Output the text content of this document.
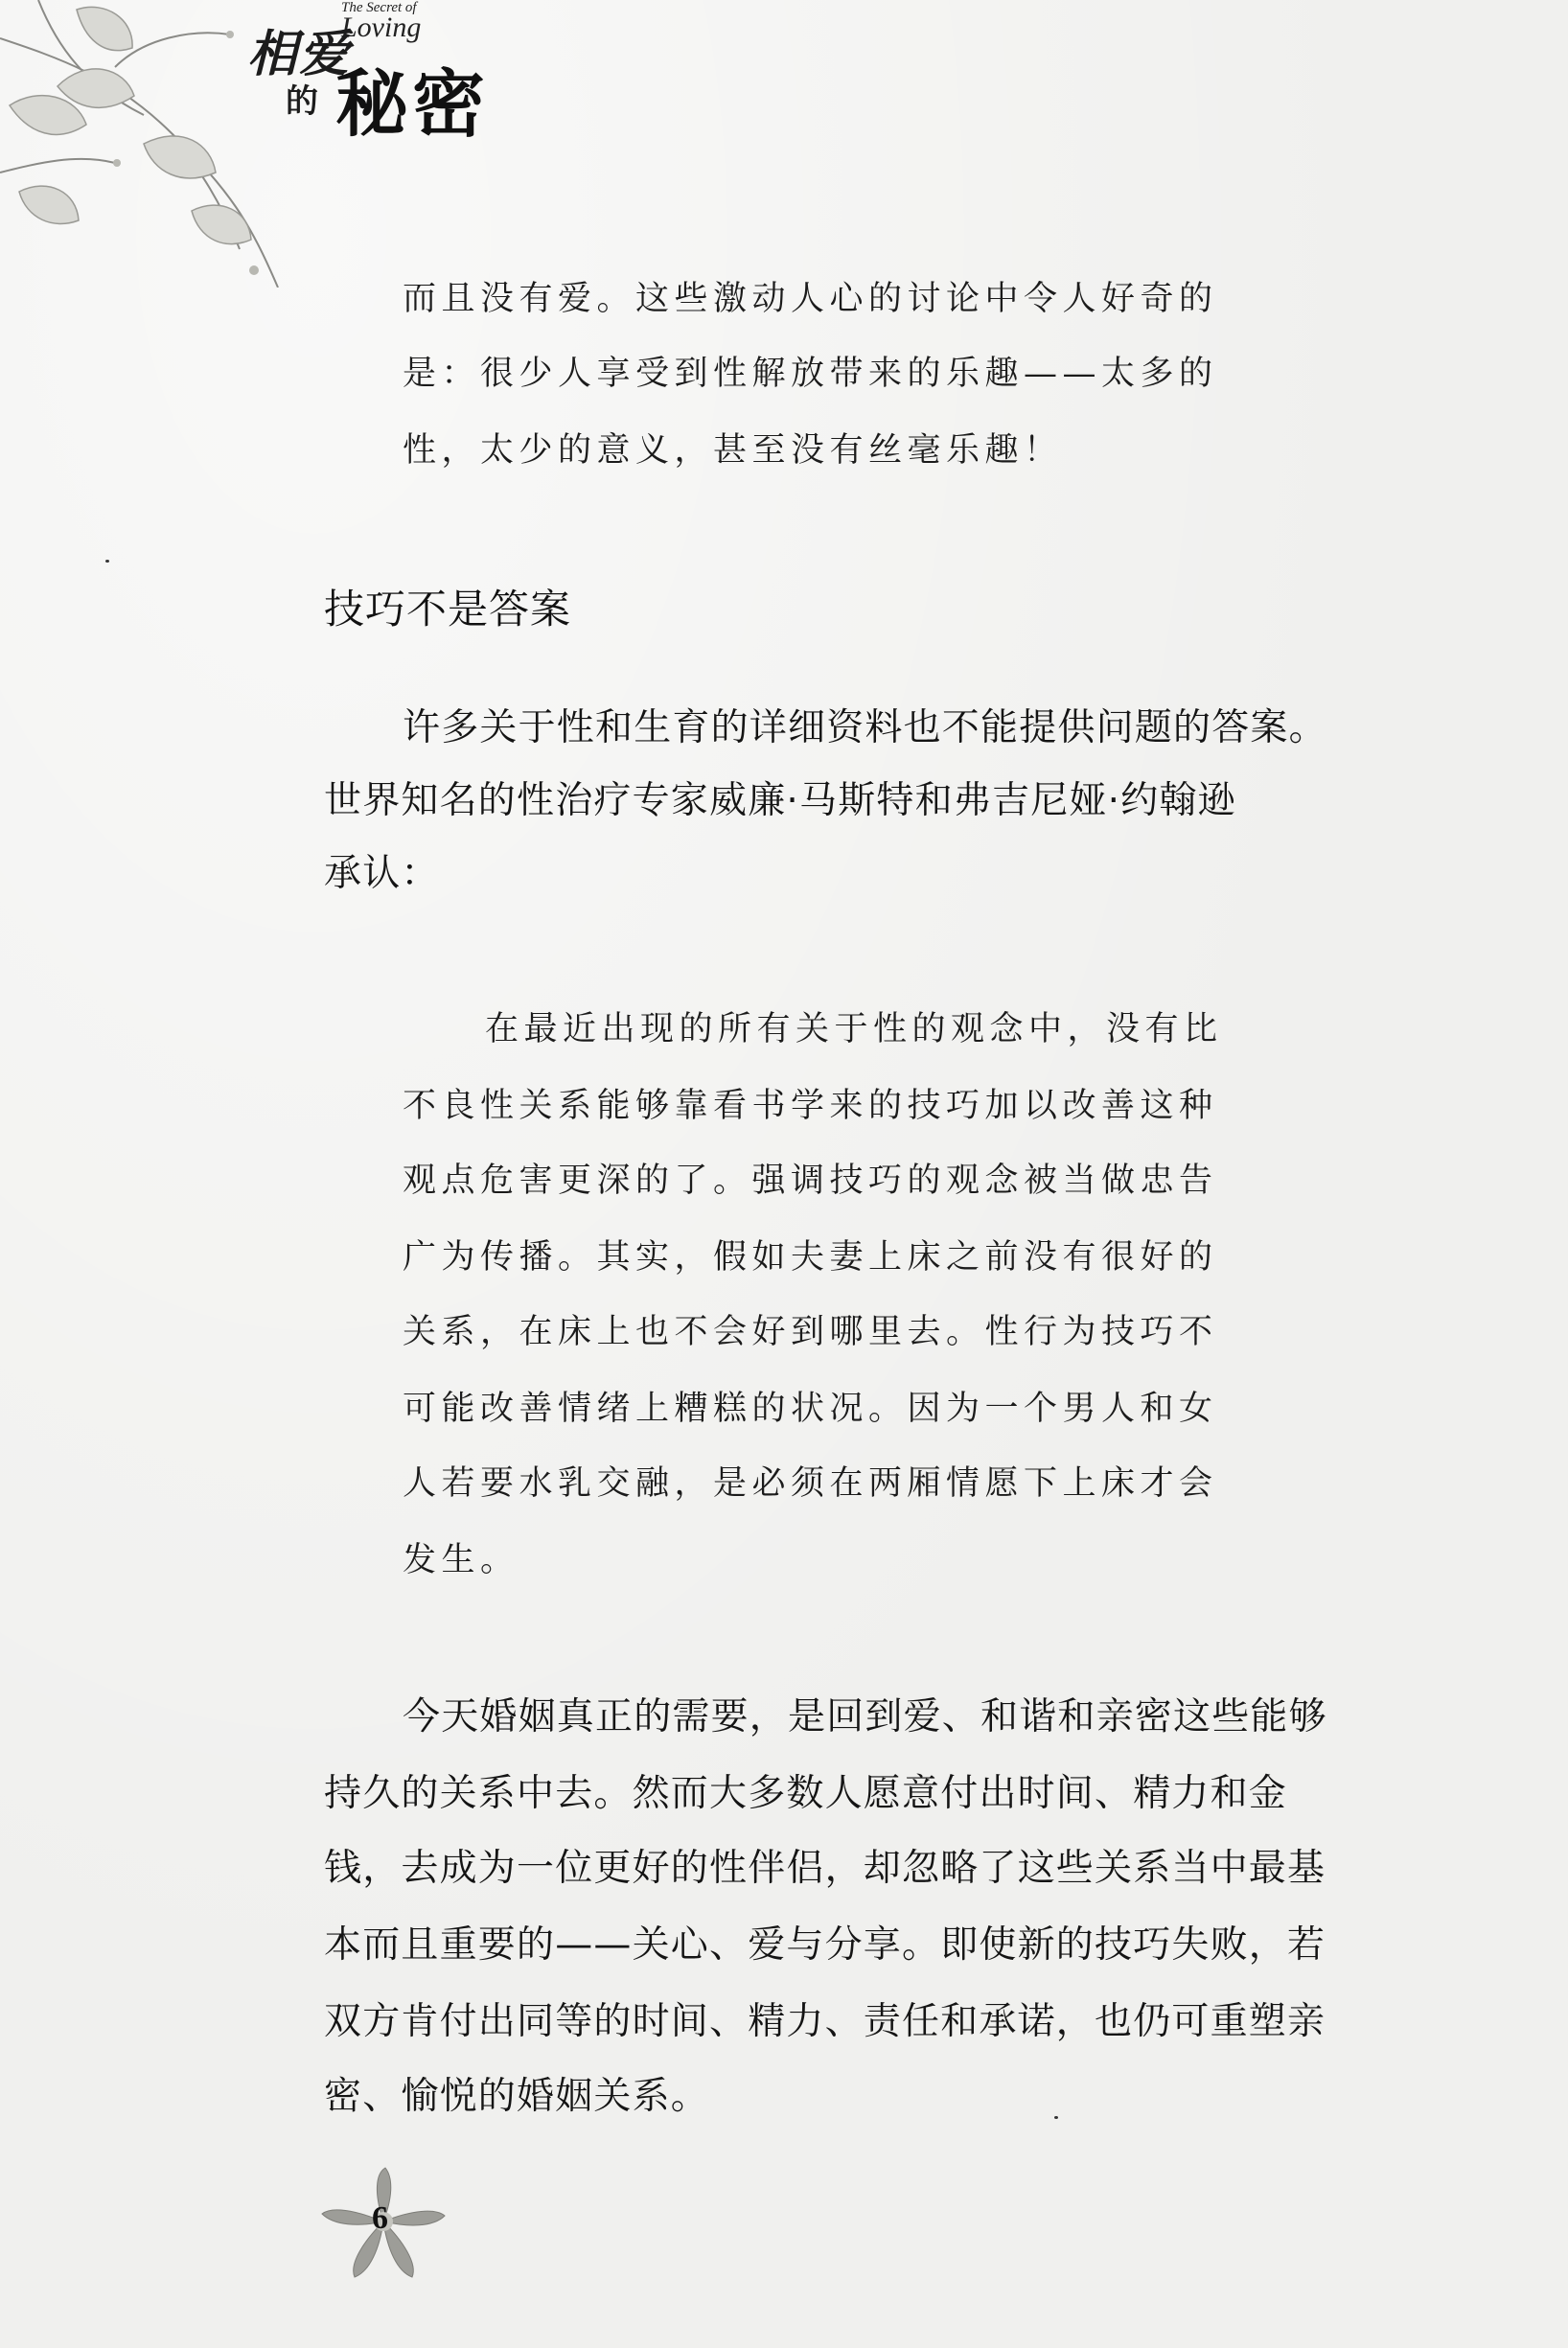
The Secret of
Loving
相爱
的 秘密
而且没有爱。这些激动人心的讨论中令人好奇的
是：很少人享受到性解放带来的乐趣——太多的
性，太少的意义，甚至没有丝毫乐趣！
技巧不是答案
许多关于性和生育的详细资料也不能提供问题的答案。
世界知名的性治疗专家威廉·马斯特和弗吉尼娅·约翰逊
承认：
在最近出现的所有关于性的观念中，没有比
不良性关系能够靠看书学来的技巧加以改善这种
观点危害更深的了。强调技巧的观念被当做忠告
广为传播。其实，假如夫妻上床之前没有很好的
关系，在床上也不会好到哪里去。性行为技巧不
可能改善情绪上糟糕的状况。因为一个男人和女
人若要水乳交融，是必须在两厢情愿下上床才会
发生。
今天婚姻真正的需要，是回到爱、和谐和亲密这些能够
持久的关系中去。然而大多数人愿意付出时间、精力和金
钱，去成为一位更好的性伴侣，却忽略了这些关系当中最基
本而且重要的——关心、爱与分享。即使新的技巧失败，若
双方肯付出同等的时间、精力、责任和承诺，也仍可重塑亲
密、愉悦的婚姻关系。
6
